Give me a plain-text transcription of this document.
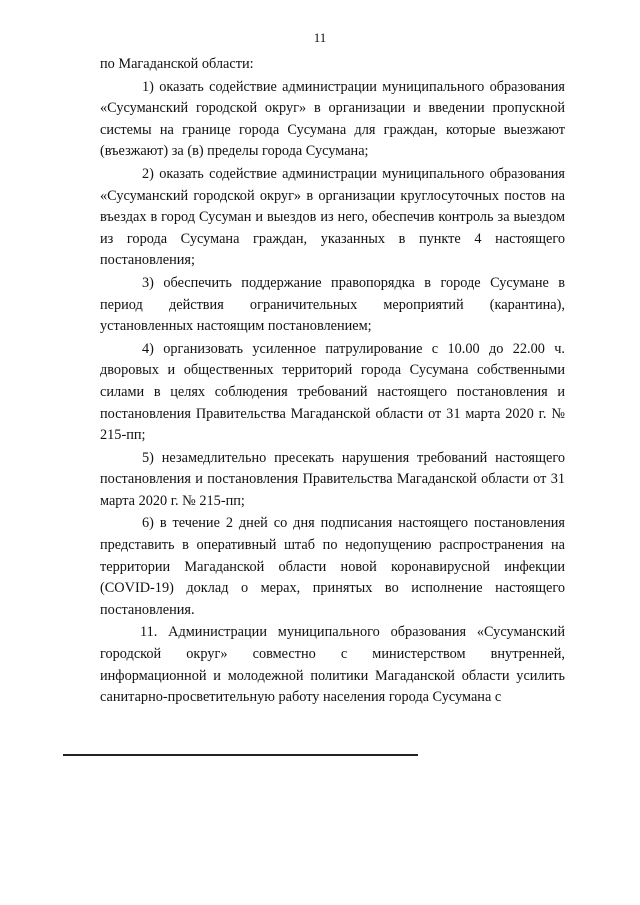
11

по Магаданской области:

1) оказать содействие администрации муниципального образования «Сусуманский городской округ» в организации и введении пропускной системы на границе города Сусумана для граждан, которые выезжают (въезжают) за (в) пределы города Сусумана;

2) оказать содействие администрации муниципального образования «Сусуманский городской округ» в организации круглосуточных постов на въездах в город Сусуман и выездов из него, обеспечив контроль за выездом из города Сусумана граждан, указанных в пункте 4 настоящего постановления;

3) обеспечить поддержание правопорядка в городе Сусумане в период действия ограничительных мероприятий (карантина), установленных настоящим постановлением;

4) организовать усиленное патрулирование с 10.00 до 22.00 ч. дворовых и общественных территорий города Сусумана собственными силами в целях соблюдения требований настоящего постановления и постановления Правительства Магаданской области от 31 марта 2020 г. № 215-пп;

5) незамедлительно пресекать нарушения требований настоящего постановления и постановления Правительства Магаданской области от 31 марта 2020 г. № 215-пп;

6) в течение 2 дней со дня подписания настоящего постановления представить в оперативный штаб по недопущению распространения на территории Магаданской области новой коронавирусной инфекции (COVID-19) доклад о мерах, принятых во исполнение настоящего постановления.

11. Администрации муниципального образования «Сусуманский городской округ» совместно с министерством внутренней, информационной и молодежной политики Магаданской области усилить санитарно-просветительную работу населения города Сусумана с
